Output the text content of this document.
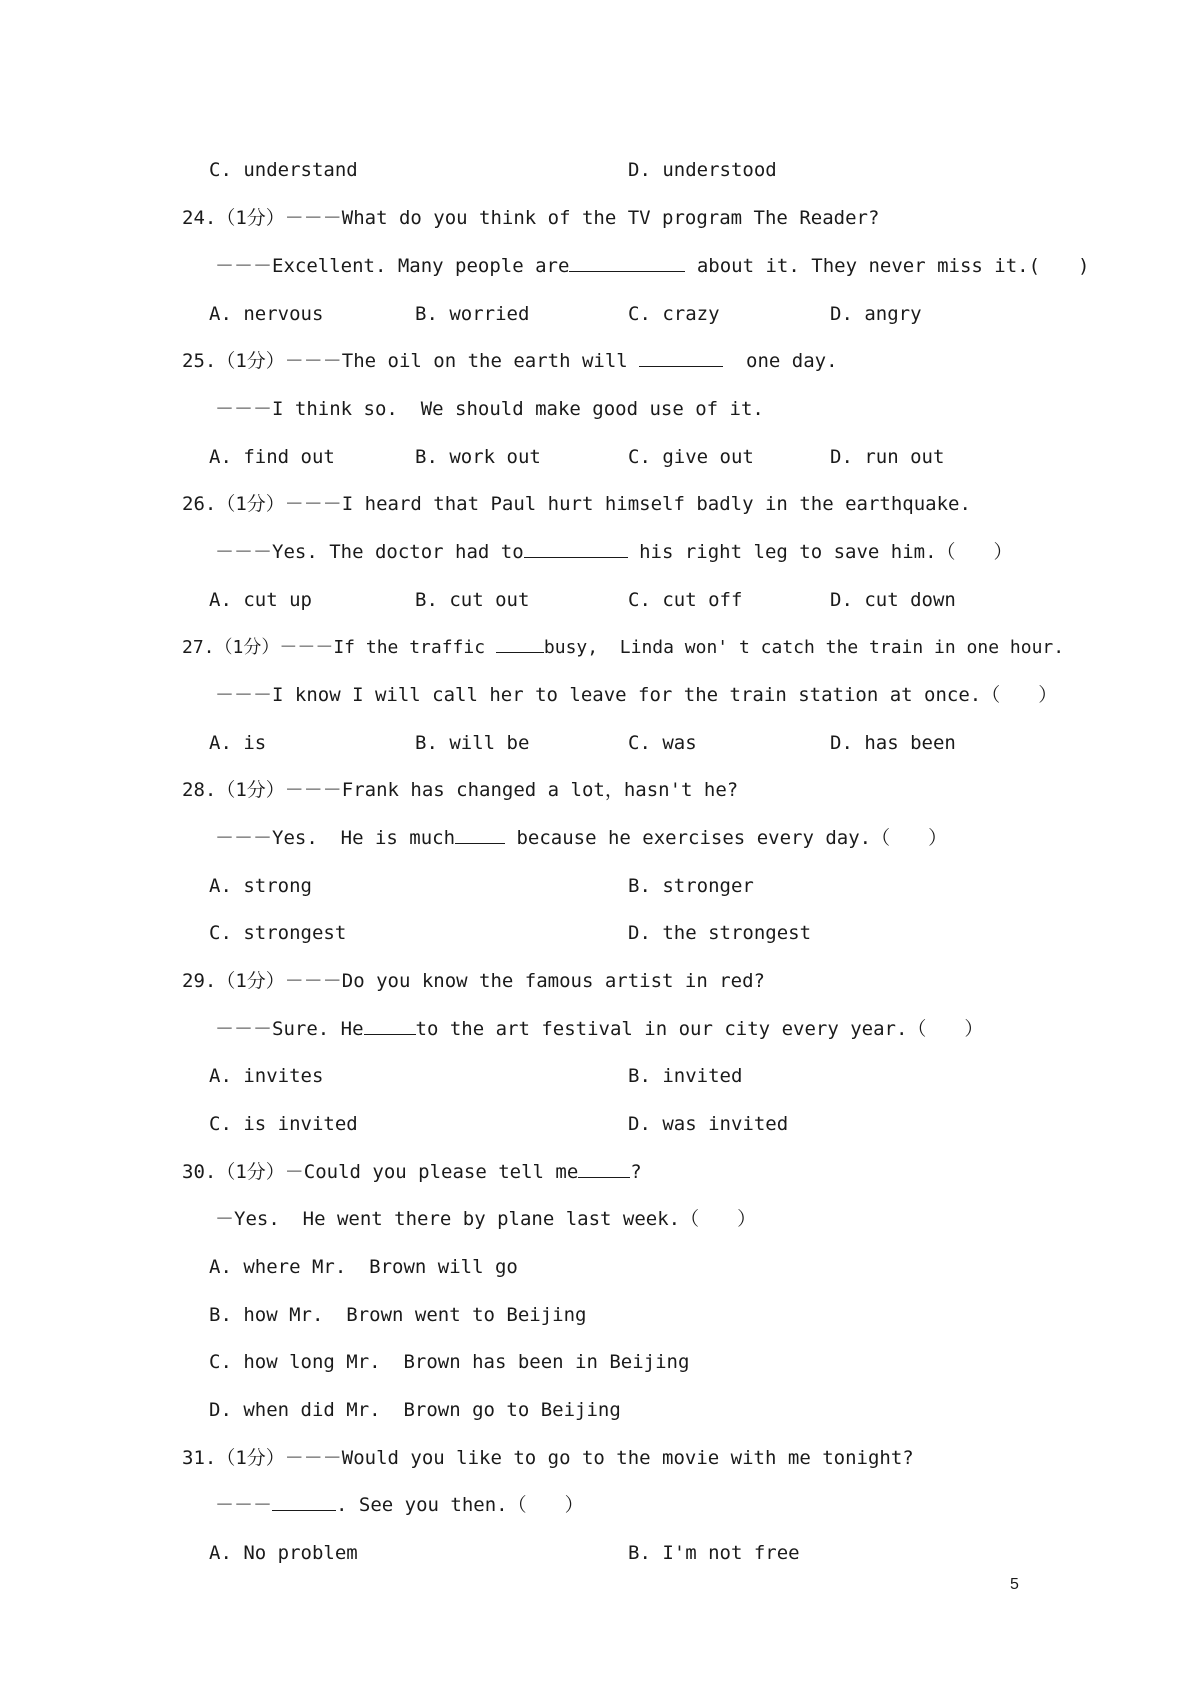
C. understand	D. understood
24.（1分）－－－What do you think of the TV program The Reader?
－－－Excellent. Many people are	about it. They never miss it.(　　)
A. nervous	B. worried	C. crazy	D. angry
25.（1分）－－－The oil on the earth will	one day.
－－－I think so.  We should make good use of it.
A. find out	B. work out	C. give out	D. run out
26.（1分）－－－I heard that Paul hurt himself badly in the earthquake.
－－－Yes. The doctor had to	his right leg to save him.（　　）
A. cut up	B. cut out	C. cut off	D. cut down
27.（1分）－－－If the traffic	busy,  Linda won' t catch the train in one hour.
－－－I know I will call her to leave for the train station at once.（　　）
A. is	B. will be	C. was	D. has been
28.（1分）－－－Frank has changed a lot，hasn't he?
－－－Yes.  He is much	because he exercises every day.（　　）
A. strong	B. stronger
C. strongest	D. the strongest
29.（1分）－－－Do you know the famous artist in red?
－－－Sure. He	to the art festival in our city every year.（　　）
A. invites	B. invited
C. is invited	D. was invited
30.（1分）－Could you please tell me	?
－Yes.  He went there by plane last week.（　　）
A. where Mr.  Brown will go
B. how Mr.  Brown went to Beijing
C. how long Mr.  Brown has been in Beijing
D. when did Mr.  Brown go to Beijing
31.（1分）－－－Would you like to go to the movie with me tonight?
－－－	. See you then.（　　）
A. No problem	B. I'm not free
5
